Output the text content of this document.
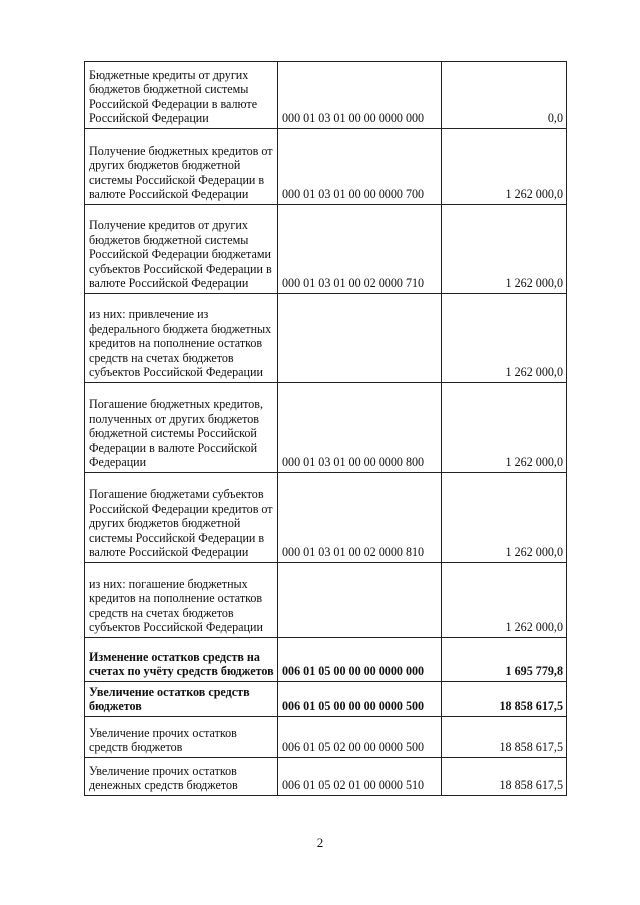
Бюджетные кредиты от других бюджетов бюджетной системы Российской Федерации в валюте Российской Федерации	000 01 03 01 00 00 0000 000	0,0
Получение бюджетных кредитов от других бюджетов бюджетной системы Российской Федерации в валюте Российской Федерации	000 01 03 01 00 00 0000 700	1 262 000,0
Получение кредитов от других бюджетов бюджетной системы Российской Федерации бюджетами субъектов Российской Федерации в валюте Российской Федерации	000 01 03 01 00 02 0000 710	1 262 000,0
из них: привлечение из федерального бюджета бюджетных кредитов на пополнение остатков средств на счетах бюджетов субъектов Российской Федерации		1 262 000,0
Погашение бюджетных кредитов, полученных от других бюджетов бюджетной системы Российской Федерации в валюте Российской Федерации	000 01 03 01 00 00 0000 800	1 262 000,0
Погашение бюджетами субъектов Российской Федерации кредитов от других бюджетов бюджетной системы Российской Федерации в валюте Российской Федерации	000 01 03 01 00 02 0000 810	1 262 000,0
из них: погашение бюджетных кредитов на пополнение остатков средств на счетах бюджетов субъектов Российской Федерации		1 262 000,0
Изменение остатков средств на счетах по учёту средств бюджетов	006 01 05 00 00 00 0000 000	1 695 779,8
Увеличение остатков средств бюджетов	006 01 05 00 00 00 0000 500	18 858 617,5
Увеличение прочих остатков средств бюджетов	006 01 05 02 00 00 0000 500	18 858 617,5
Увеличение прочих остатков денежных средств бюджетов	006 01 05 02 01 00 0000 510	18 858 617,5
2
